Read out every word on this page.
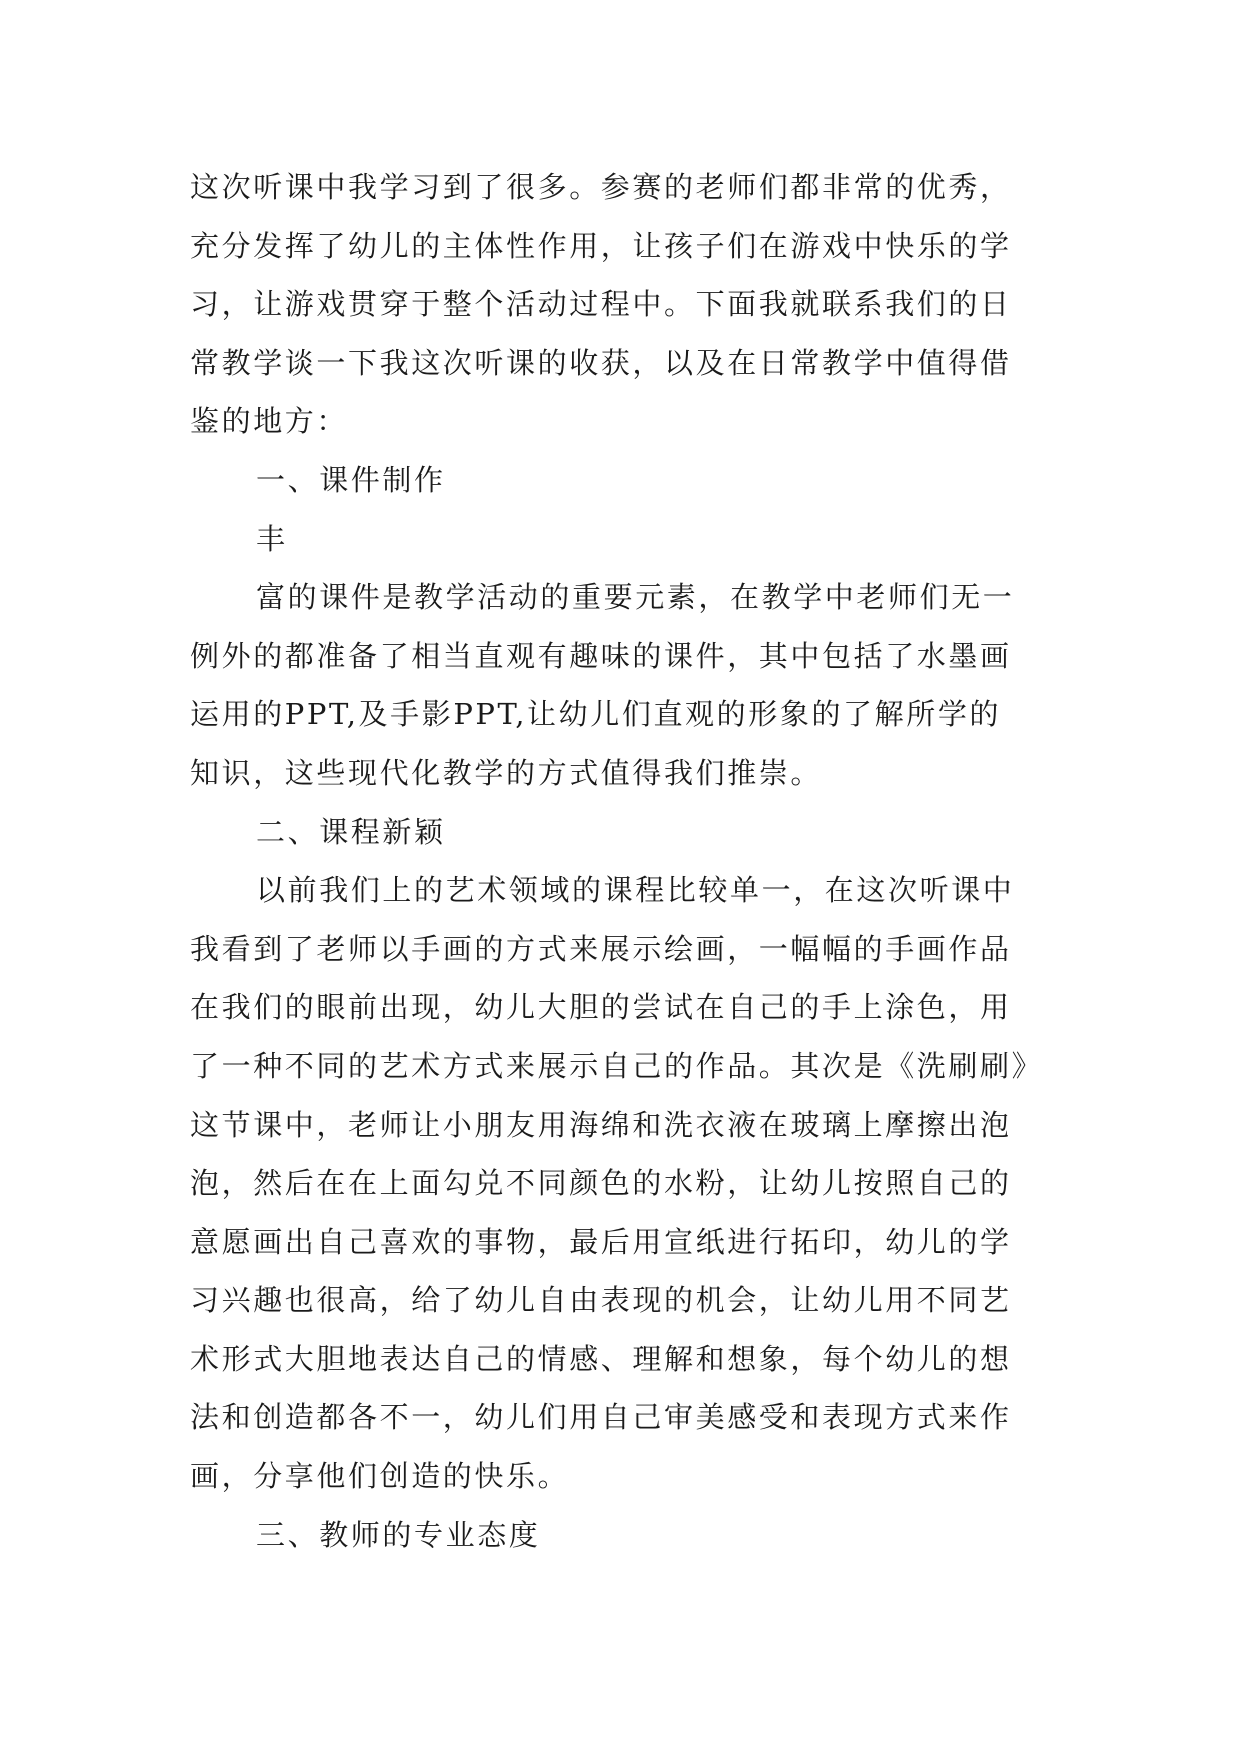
这次听课中我学习到了很多。参赛的老师们都非常的优秀，
充分发挥了幼儿的主体性作用，让孩子们在游戏中快乐的学
习，让游戏贯穿于整个活动过程中。下面我就联系我们的日
常教学谈一下我这次听课的收获，以及在日常教学中值得借
鉴的地方：
一、课件制作
丰
富的课件是教学活动的重要元素，在教学中老师们无一
例外的都准备了相当直观有趣味的课件，其中包括了水墨画
运用的PPT,及手影PPT,让幼儿们直观的形象的了解所学的
知识，这些现代化教学的方式值得我们推崇。
二、课程新颖
以前我们上的艺术领域的课程比较单一，在这次听课中
我看到了老师以手画的方式来展示绘画，一幅幅的手画作品
在我们的眼前出现，幼儿大胆的尝试在自己的手上涂色，用
了一种不同的艺术方式来展示自己的作品。其次是《洗刷刷》
这节课中，老师让小朋友用海绵和洗衣液在玻璃上摩擦出泡
泡，然后在在上面勾兑不同颜色的水粉，让幼儿按照自己的
意愿画出自己喜欢的事物，最后用宣纸进行拓印，幼儿的学
习兴趣也很高，给了幼儿自由表现的机会，让幼儿用不同艺
术形式大胆地表达自己的情感、理解和想象，每个幼儿的想
法和创造都各不一，幼儿们用自己审美感受和表现方式来作
画，分享他们创造的快乐。
三、教师的专业态度
